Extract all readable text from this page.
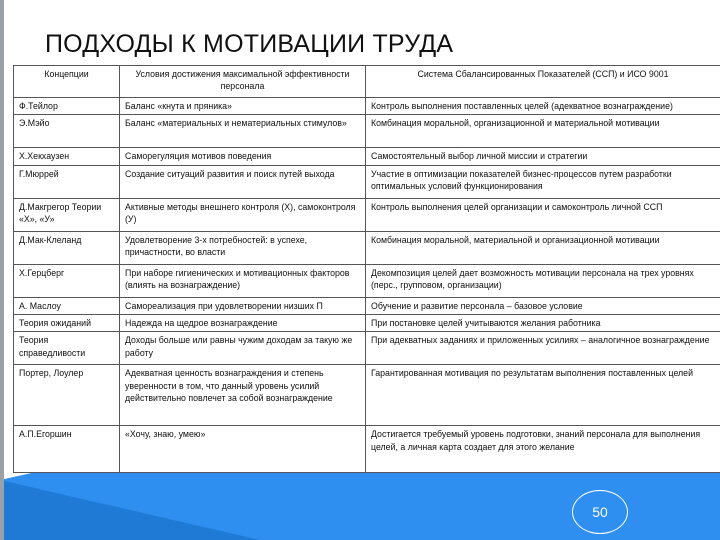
ПОДХОДЫ К МОТИВАЦИИ ТРУДА
Концепции	Условия достижения максимальной эффективности персонала	Система Сбалансированных Показателей (ССП) и ИСО 9001
Ф.Тейлор	Баланс «кнута и пряника»	Контроль выполнения поставленных целей (адекватное вознаграждение)
Э.Мэйо	Баланс «материальных и нематериальных стимулов»	Комбинация моральной, организационной и материальной мотивации
Х.Хекхаузен	Саморегуляция мотивов поведения	Самостоятельный выбор личной миссии и стратегии
Г.Мюррей	Создание ситуаций развития и поиск путей выхода	Участие в оптимизации показателей бизнес-процессов путем разработки оптимальных условий функционирования
Д.Макгрегор Теории «Х», «У»	Активные методы внешнего контроля (Х), самоконтроля (У)	Контроль выполнения целей организации и самоконтроль личной ССП
Д.Мак-Клеланд	Удовлетворение 3-х потребностей: в успехе, причастности, во власти	Комбинация моральной, материальной и организационной мотивации
Х.Герцберг	При наборе гигиенических и мотивационных факторов (влиять на вознаграждение)	Декомпозиция целей дает возможность мотивации персонала на трех уровнях (перс., групповом, организации)
А. Маслоу	Самореализация при удовлетворении низших П	Обучение и развитие персонала – базовое условие
Теория ожиданий	Надежда на щедрое вознаграждение	При постановке целей учитываются желания работника
Теория справедливости	Доходы больше или равны чужим доходам за такую же работу	При адекватных заданиях и приложенных усилиях – аналогичное вознаграждение
Портер, Лоулер	Адекватная ценность вознаграждения и степень уверенности в том, что данный уровень усилий действительно повлечет за собой вознаграждение	Гарантированная мотивация по результатам выполнения поставленных целей
А.П.Егоршин	«Хочу, знаю, умею»	Достигается требуемый уровень подготовки, знаний персонала для выполнения целей, а личная карта создает для этого желание
50
